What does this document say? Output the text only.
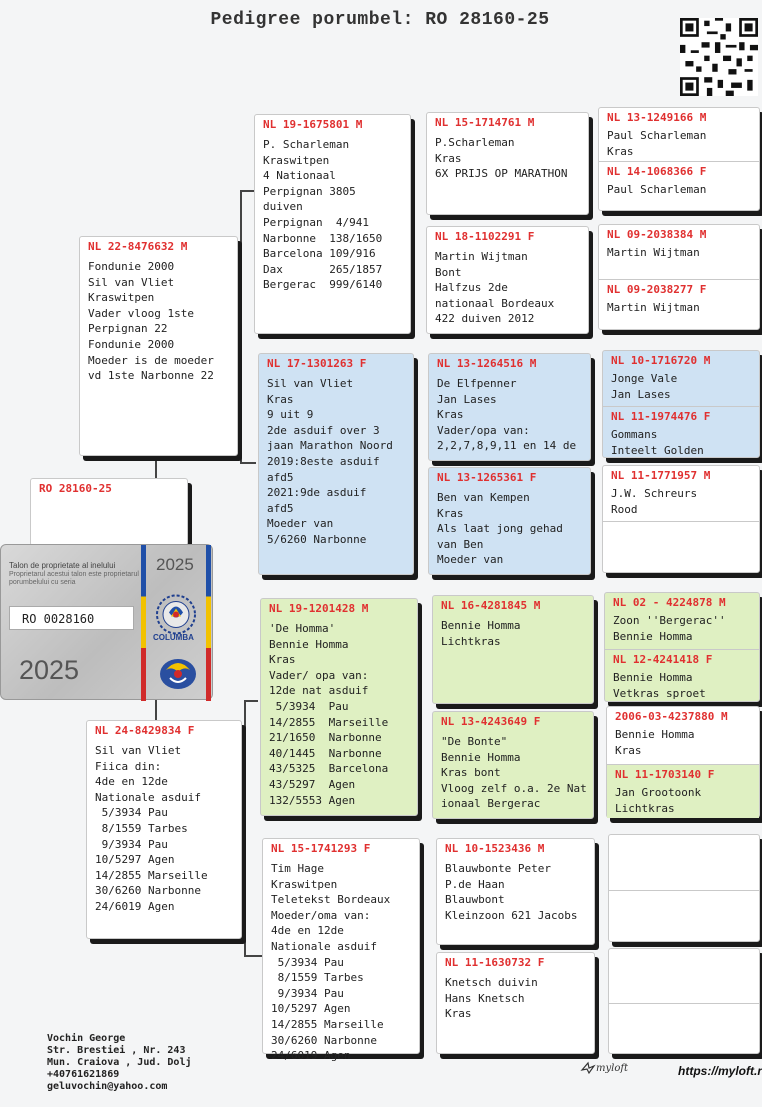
Pedigree porumbel: RO 28160-25
RO 28160-25
NL 22-8476632 M
Fondunie 2000
Sil van Vliet
Kraswitpen
Vader vloog 1ste
Perpignan 22
Fondunie 2000
Moeder is de moeder
vd 1ste Narbonne 22
NL 24-8429834 F
Sil van Vliet
Fiica din:
4de en 12de
Nationale asduif
5/3934 Pau
8/1559 Tarbes
9/3934 Pau
10/5297 Agen
14/2855 Marseille
30/6260 Narbonne
24/6019 Agen
NL 19-1675801 M
P. Scharleman
Kraswitpen
4 Nationaal
Perpignan 3805
duiven
Perpignan  4/941
Narbonne  138/1650
Barcelona 109/916
Dax       265/1857
Bergerac  999/6140
NL 17-1301263 F
Sil van Vliet
Kras
9 uit 9
2de asduif over 3
jaan Marathon Noord
2019:8este asduif
afd5
2021:9de asduif
afd5
Moeder van
5/6260 Narbonne
NL 19-1201428 M
'De Homma'
Bennie Homma
Kras
Vader/ opa van:
12de nat asduif
5/3934  Pau
14/2855  Marseille
21/1650  Narbonne
40/1445  Narbonne
43/5325  Barcelona
43/5297  Agen
132/5553 Agen
NL 15-1741293 F
Tim Hage
Kraswitpen
Teletekst Bordeaux
Moeder/oma van:
4de en 12de
Nationale asduif
5/3934 Pau
8/1559 Tarbes
9/3934 Pau
10/5297 Agen
14/2855 Marseille
30/6260 Narbonne
24/6019 Agen
NL 15-1714761 M
P.Scharleman
Kras
6X PRIJS OP MARATHON
NL 18-1102291 F
Martin Wijtman
Bont
Halfzus 2de
nationaal Bordeaux
422 duiven 2012
NL 13-1264516 M
De Elfpenner
Jan Lases
Kras
Vader/opa van:
2,2,7,8,9,11 en 14 de
NL 13-1265361 F
Ben van Kempen
Kras
Als laat jong gehad
van Ben
Moeder van
NL 16-4281845 M
Bennie Homma
Lichtkras
NL 13-4243649 F
"De Bonte"
Bennie Homma
Kras bont
Vloog zelf o.a. 2e Nat
ionaal Bergerac
NL 10-1523436 M
Blauwbonte Peter
P.de Haan
Blauwbont
Kleinzoon 621 Jacobs
NL 11-1630732 F
Knetsch duivin
Hans Knetsch
Kras
NL 13-1249166 M
Paul Scharleman
Kras
NL 14-1068366 F
Paul Scharleman
NL 09-2038384 M
Martin Wijtman
NL 09-2038277 F
Martin Wijtman
NL 10-1716720 M
Jonge Vale
Jan Lases
NL 11-1974476 F
Gommans
Inteelt Golden
NL 11-1771957 M
J.W. Schreurs
Rood
NL 02 - 4224878 M
Zoon ''Bergerac''
Bennie Homma
NL 12-4241418 F
Bennie Homma
Vetkras sproet
2006-03-4237880 M
Bennie Homma
Kras
NL 11-1703140 F
Jan Grootoonk
Lichtkras
Talon de proprietate al inelului
Proprietarul acestui talon este proprietarul porumbelului cu seria
RO 0028160
2025
2025
COLUMBA
Vochin George
Str. Brestiei , Nr. 243
Mun. Craiova , Jud. Dolj
+40761621869
geluvochin@yahoo.com
myloft	https://myloft.r
